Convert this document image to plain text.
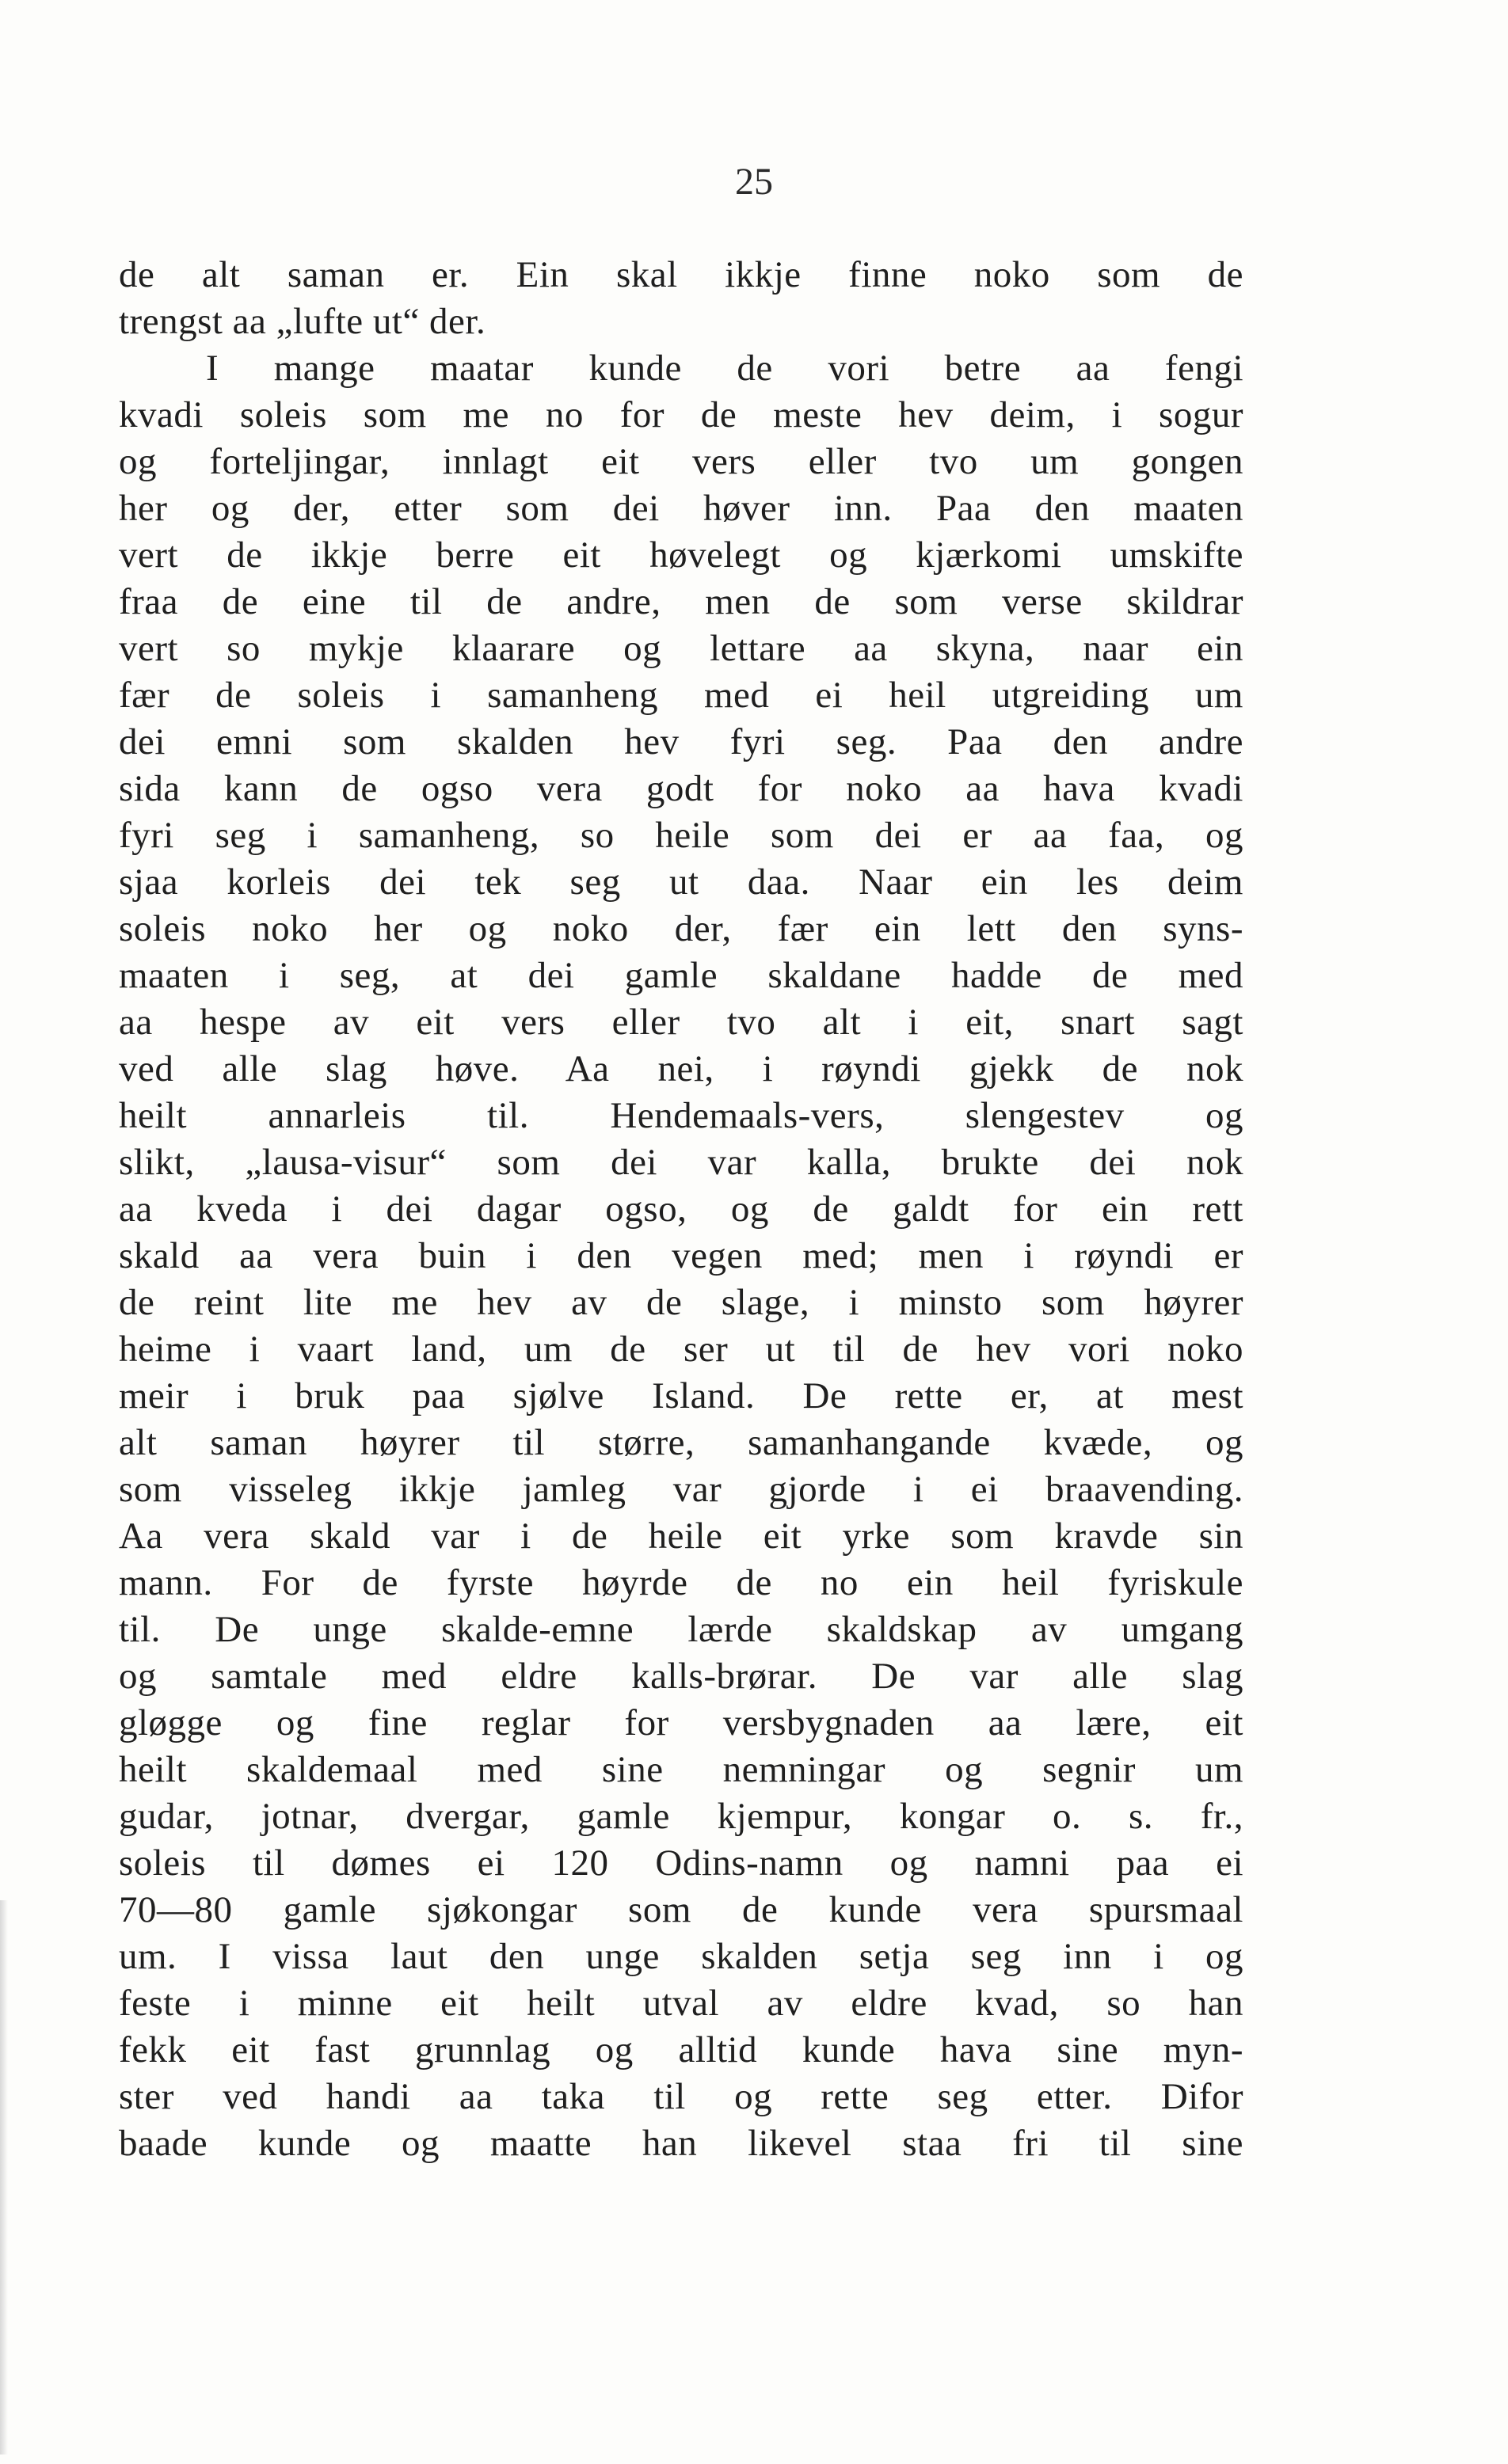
25
de alt saman er. Ein skal ikkje finne noko som de
trengst aa „lufte ut“ der.
I mange maatar kunde de vori betre aa fengi
kvadi soleis som me no for de meste hev deim, i sogur
og forteljingar, innlagt eit vers eller tvo um gongen
her og der, etter som dei høver inn. Paa den maaten
vert de ikkje berre eit høvelegt og kjærkomi umskifte
fraa de eine til de andre, men de som verse skildrar
vert so mykje klaarare og lettare aa skyna, naar ein
fær de soleis i samanheng med ei heil utgreiding um
dei emni som skalden hev fyri seg. Paa den andre
sida kann de ogso vera godt for noko aa hava kvadi
fyri seg i samanheng, so heile som dei er aa faa, og
sjaa korleis dei tek seg ut daa. Naar ein les deim
soleis noko her og noko der, fær ein lett den syns-
maaten i seg, at dei gamle skaldane hadde de med
aa hespe av eit vers eller tvo alt i eit, snart sagt
ved alle slag høve. Aa nei, i røyndi gjekk de nok
heilt annarleis til. Hendemaals-vers, slengestev og
slikt, „lausa-visur“ som dei var kalla, brukte dei nok
aa kveda i dei dagar ogso, og de galdt for ein rett
skald aa vera buin i den vegen med; men i røyndi er
de reint lite me hev av de slage, i minsto som høyrer
heime i vaart land, um de ser ut til de hev vori noko
meir i bruk paa sjølve Island. De rette er, at mest
alt saman høyrer til større, samanhangande kvæde, og
som visseleg ikkje jamleg var gjorde i ei braavending.
Aa vera skald var i de heile eit yrke som kravde sin
mann. For de fyrste høyrde de no ein heil fyriskule
til. De unge skalde-emne lærde skaldskap av umgang
og samtale med eldre kalls-brørar. De var alle slag
gløgge og fine reglar for versbygnaden aa lære, eit
heilt skaldemaal med sine nemningar og segnir um
gudar, jotnar, dvergar, gamle kjempur, kongar o. s. fr.,
soleis til dømes ei 120 Odins-namn og namni paa ei
70—80 gamle sjøkongar som de kunde vera spursmaal
um. I vissa laut den unge skalden setja seg inn i og
feste i minne eit heilt utval av eldre kvad, so han
fekk eit fast grunnlag og alltid kunde hava sine myn-
ster ved handi aa taka til og rette seg etter. Difor
baade kunde og maatte han likevel staa fri til sine
